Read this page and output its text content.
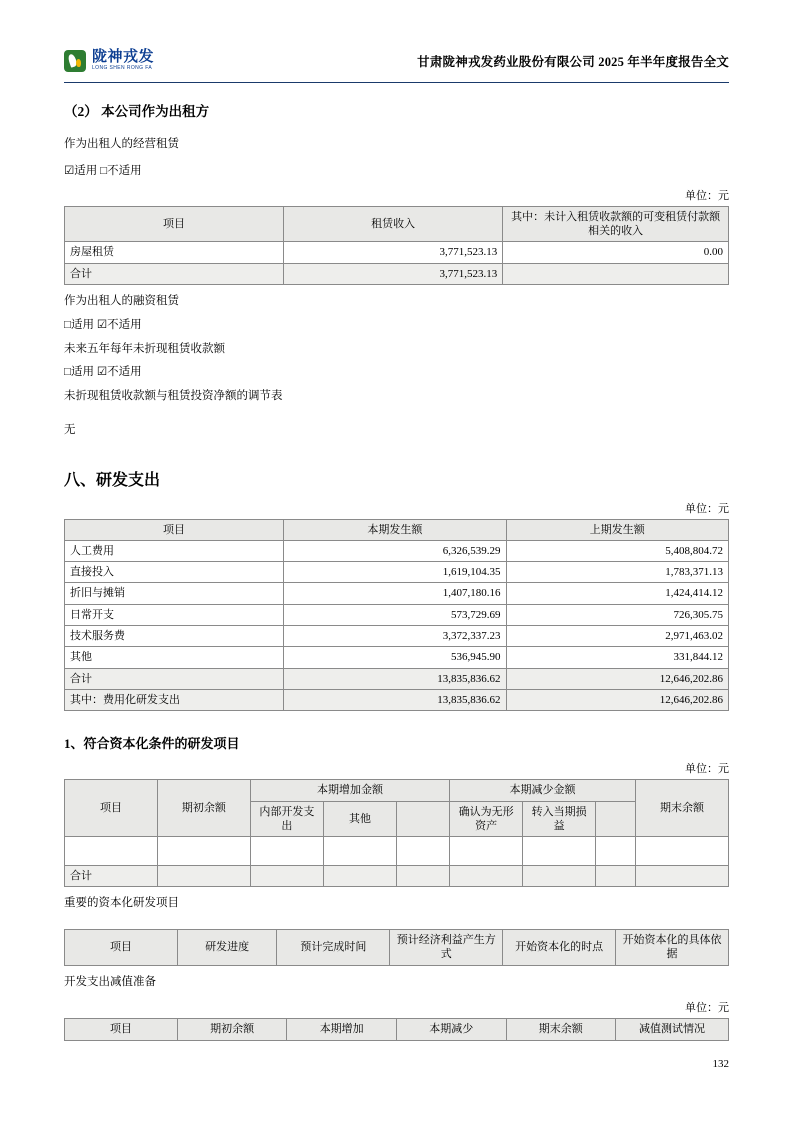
陇神戎发
LONG SHEN RONG FA	甘肃陇神戎发药业股份有限公司 2025 年半年度报告全文
（2） 本公司作为出租方
作为出租人的经营租赁
☑适用 □不适用
单位：元
项目	租赁收入	其中：未计入租赁收款额的可变租赁付款额相关的收入
房屋租赁	3,771,523.13	0.00
合计	3,771,523.13	
作为出租人的融资租赁
□适用 ☑不适用
未来五年每年未折现租赁收款额
□适用 ☑不适用
未折现租赁收款额与租赁投资净额的调节表
无
八、研发支出
单位：元
项目	本期发生额	上期发生额
人工费用	6,326,539.29	5,408,804.72
直接投入	1,619,104.35	1,783,371.13
折旧与摊销	1,407,180.16	1,424,414.12
日常开支	573,729.69	726,305.75
技术服务费	3,372,337.23	2,971,463.02
其他	536,945.90	331,844.12
合计	13,835,836.62	12,646,202.86
其中：费用化研发支出	13,835,836.62	12,646,202.86
1、符合资本化条件的研发项目
单位：元
项目	期初余额	本期增加金额			本期减少金额			期末余额
		内部开发支出	其他		确认为无形资产	转入当期损益		

合计								
重要的资本化研发项目
项目	研发进度	预计完成时间	预计经济利益产生方式	开始资本化的时点	开始资本化的具体依据
开发支出减值准备
单位：元
项目	期初余额	本期增加	本期减少	期末余额	减值测试情况
132
